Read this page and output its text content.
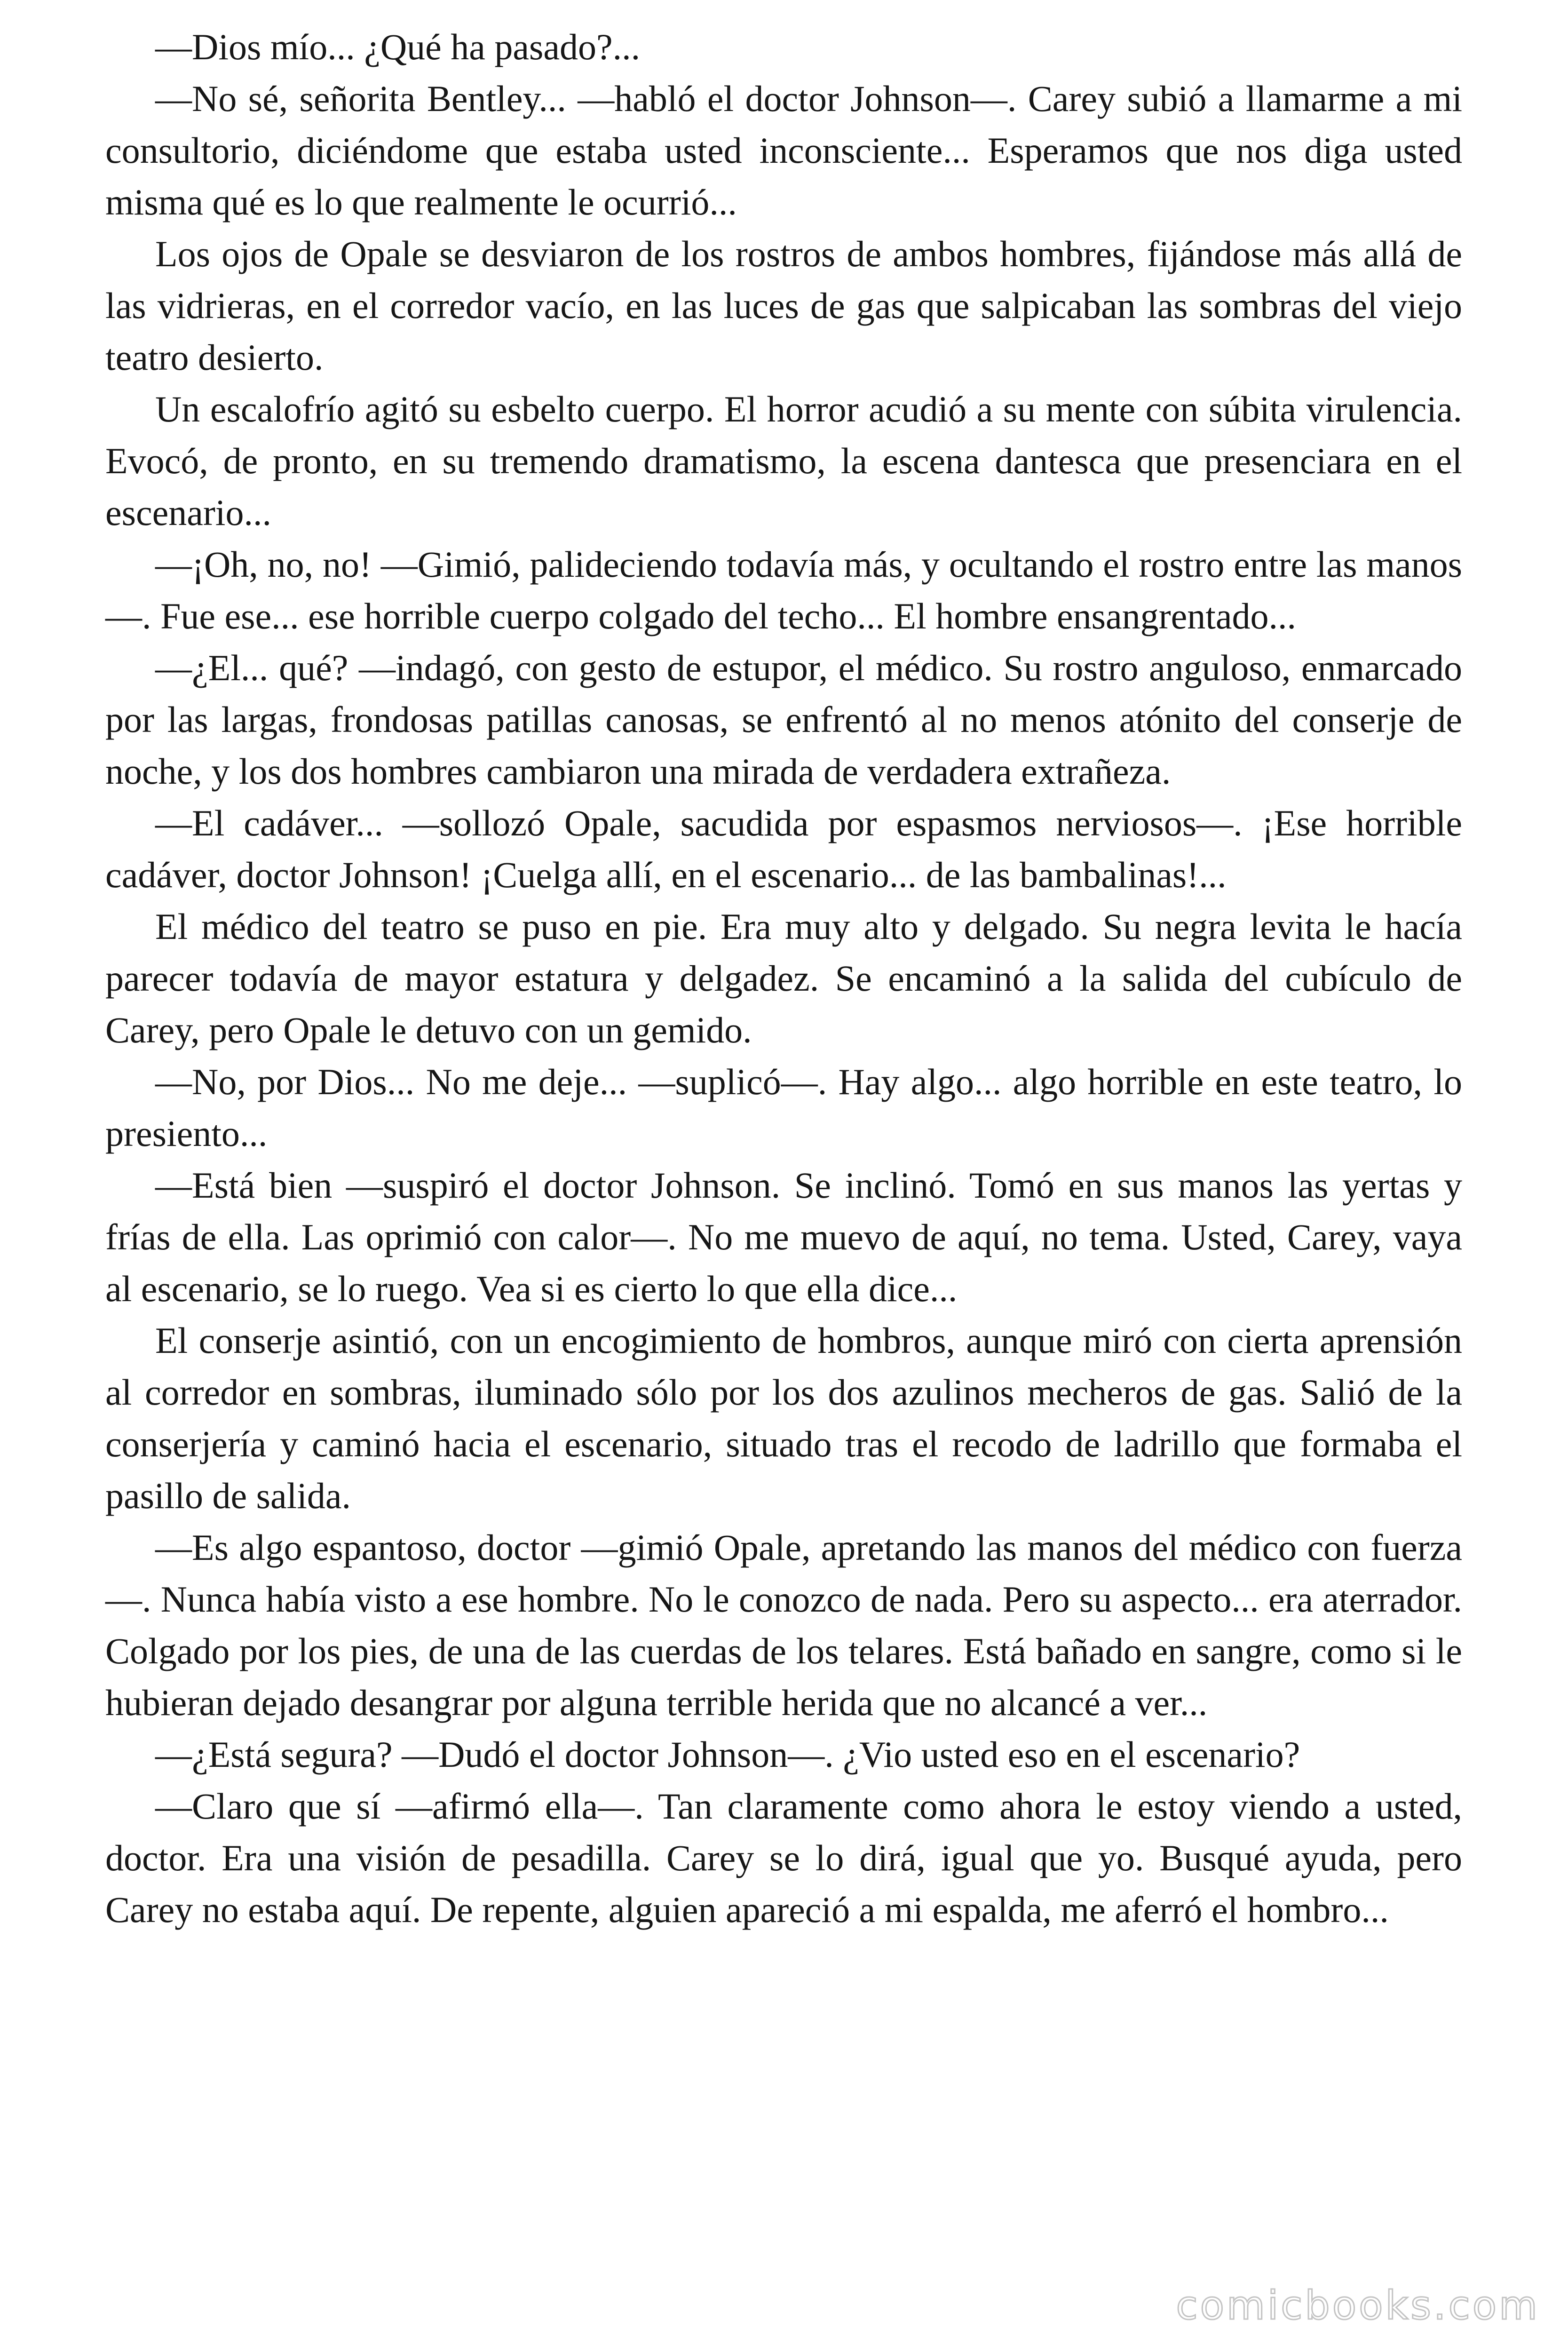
—Dios mío... ¿Qué ha pasado?...

—No sé, señorita Bentley... —habló el doctor Johnson—. Carey subió a llamarme a mi consultorio, diciéndome que estaba usted inconsciente... Esperamos que nos diga usted misma qué es lo que realmente le ocurrió...

Los ojos de Opale se desviaron de los rostros de ambos hombres, fijándose más allá de las vidrieras, en el corredor vacío, en las luces de gas que salpicaban las sombras del viejo teatro desierto.

Un escalofrío agitó su esbelto cuerpo. El horror acudió a su mente con súbita virulencia. Evocó, de pronto, en su tremendo dramatismo, la escena dantesca que presenciara en el escenario...

—¡Oh, no, no! —Gimió, palideciendo todavía más, y ocultando el rostro entre las manos—. Fue ese... ese horrible cuerpo colgado del techo... El hombre ensangrentado...

—¿El... qué? —indagó, con gesto de estupor, el médico. Su rostro anguloso, enmarcado por las largas, frondosas patillas canosas, se enfrentó al no menos atónito del conserje de noche, y los dos hombres cambiaron una mirada de verdadera extrañeza.

—El cadáver... —sollozó Opale, sacudida por espasmos nerviosos—. ¡Ese horrible cadáver, doctor Johnson! ¡Cuelga allí, en el escenario... de las bambalinas!...

El médico del teatro se puso en pie. Era muy alto y delgado. Su negra levita le hacía parecer todavía de mayor estatura y delgadez. Se encaminó a la salida del cubículo de Carey, pero Opale le detuvo con un gemido.

—No, por Dios... No me deje... —suplicó—. Hay algo... algo horrible en este teatro, lo presiento...

—Está bien —suspiró el doctor Johnson. Se inclinó. Tomó en sus manos las yertas y frías de ella. Las oprimió con calor—. No me muevo de aquí, no tema. Usted, Carey, vaya al escenario, se lo ruego. Vea si es cierto lo que ella dice...

El conserje asintió, con un encogimiento de hombros, aunque miró con cierta aprensión al corredor en sombras, iluminado sólo por los dos azulinos mecheros de gas. Salió de la conserjería y caminó hacia el escenario, situado tras el recodo de ladrillo que formaba el pasillo de salida.

—Es algo espantoso, doctor —gimió Opale, apretando las manos del médico con fuerza—. Nunca había visto a ese hombre. No le conozco de nada. Pero su aspecto... era aterrador. Colgado por los pies, de una de las cuerdas de los telares. Está bañado en sangre, como si le hubieran dejado desangrar por alguna terrible herida que no alcancé a ver...

—¿Está segura? —Dudó el doctor Johnson—. ¿Vio usted eso en el escenario?

—Claro que sí —afirmó ella—. Tan claramente como ahora le estoy viendo a usted, doctor. Era una visión de pesadilla. Carey se lo dirá, igual que yo. Busqué ayuda, pero Carey no estaba aquí. De repente, alguien apareció a mi espalda, me aferró el hombro...

comicbooks.com
